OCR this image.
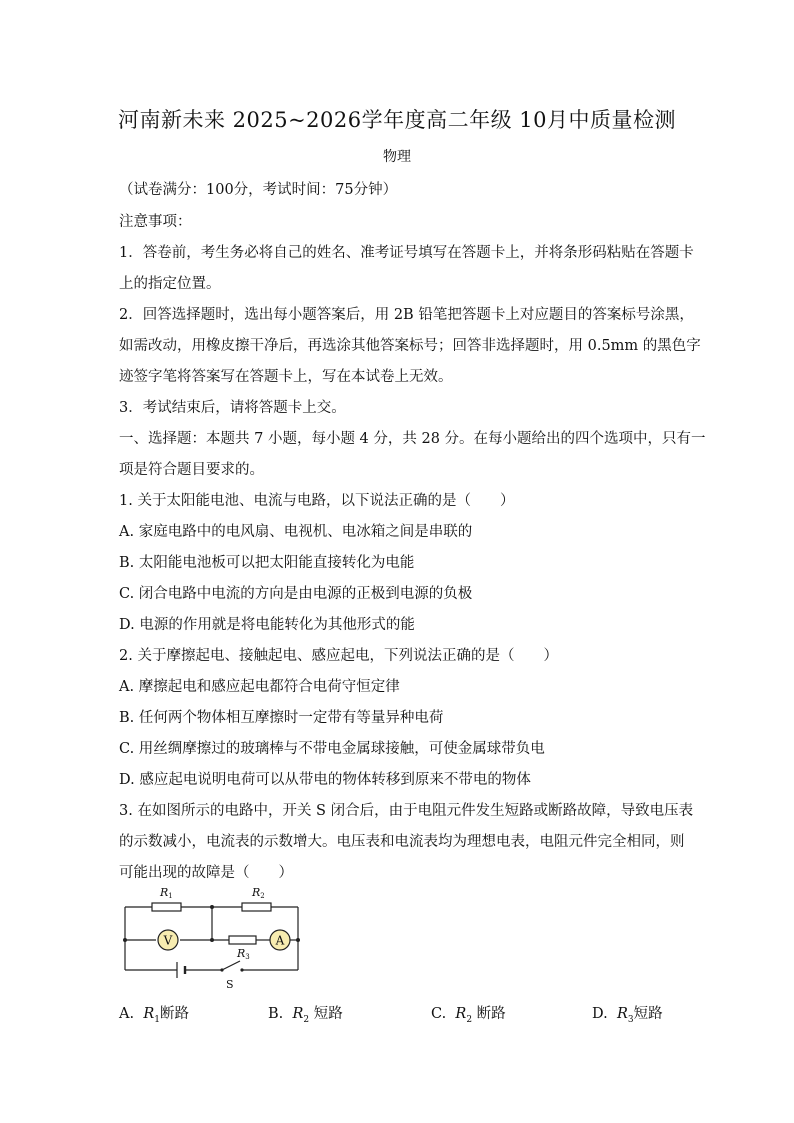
河南新未来 2025~2026学年度高二年级 10月中质量检测
物理
（试卷满分：100分，考试时间：75分钟）
注意事项：
1．答卷前，考生务必将自己的姓名、准考证号填写在答题卡上，并将条形码粘贴在答题卡
上的指定位置。
2．回答选择题时，选出每小题答案后，用 2B 铅笔把答题卡上对应题目的答案标号涂黑，
如需改动，用橡皮擦干净后，再选涂其他答案标号；回答非选择题时，用 0.5mm 的黑色字
迹签字笔将答案写在答题卡上，写在本试卷上无效。
3．考试结束后，请将答题卡上交。
一、选择题：本题共 7 小题，每小题 4 分，共 28 分。在每小题给出的四个选项中，只有一
项是符合题目要求的。
1. 关于太阳能电池、电流与电路，以下说法正确的是（　　）
A. 家庭电路中的电风扇、电视机、电冰箱之间是串联的
B. 太阳能电池板可以把太阳能直接转化为电能
C. 闭合电路中电流的方向是由电源的正极到电源的负极
D. 电源的作用就是将电能转化为其他形式的能
2. 关于摩擦起电、接触起电、感应起电，下列说法正确的是（　　）
A. 摩擦起电和感应起电都符合电荷守恒定律
B. 任何两个物体相互摩擦时一定带有等量异种电荷
C. 用丝绸摩擦过的玻璃棒与不带电金属球接触，可使金属球带负电
D. 感应起电说明电荷可以从带电的物体转移到原来不带电的物体
3. 在如图所示的电路中，开关 S 闭合后，由于电阻元件发生短路或断路故障，导致电压表
的示数减小，电流表的示数增大。电压表和电流表均为理想电表，电阻元件完全相同，则
可能出现的故障是（　　）
V	A
R1	R2
R3
S
A. $R_1$断路	B. $R_2$ 短路	C. $R_2$ 断路	D. $R_3$短路
